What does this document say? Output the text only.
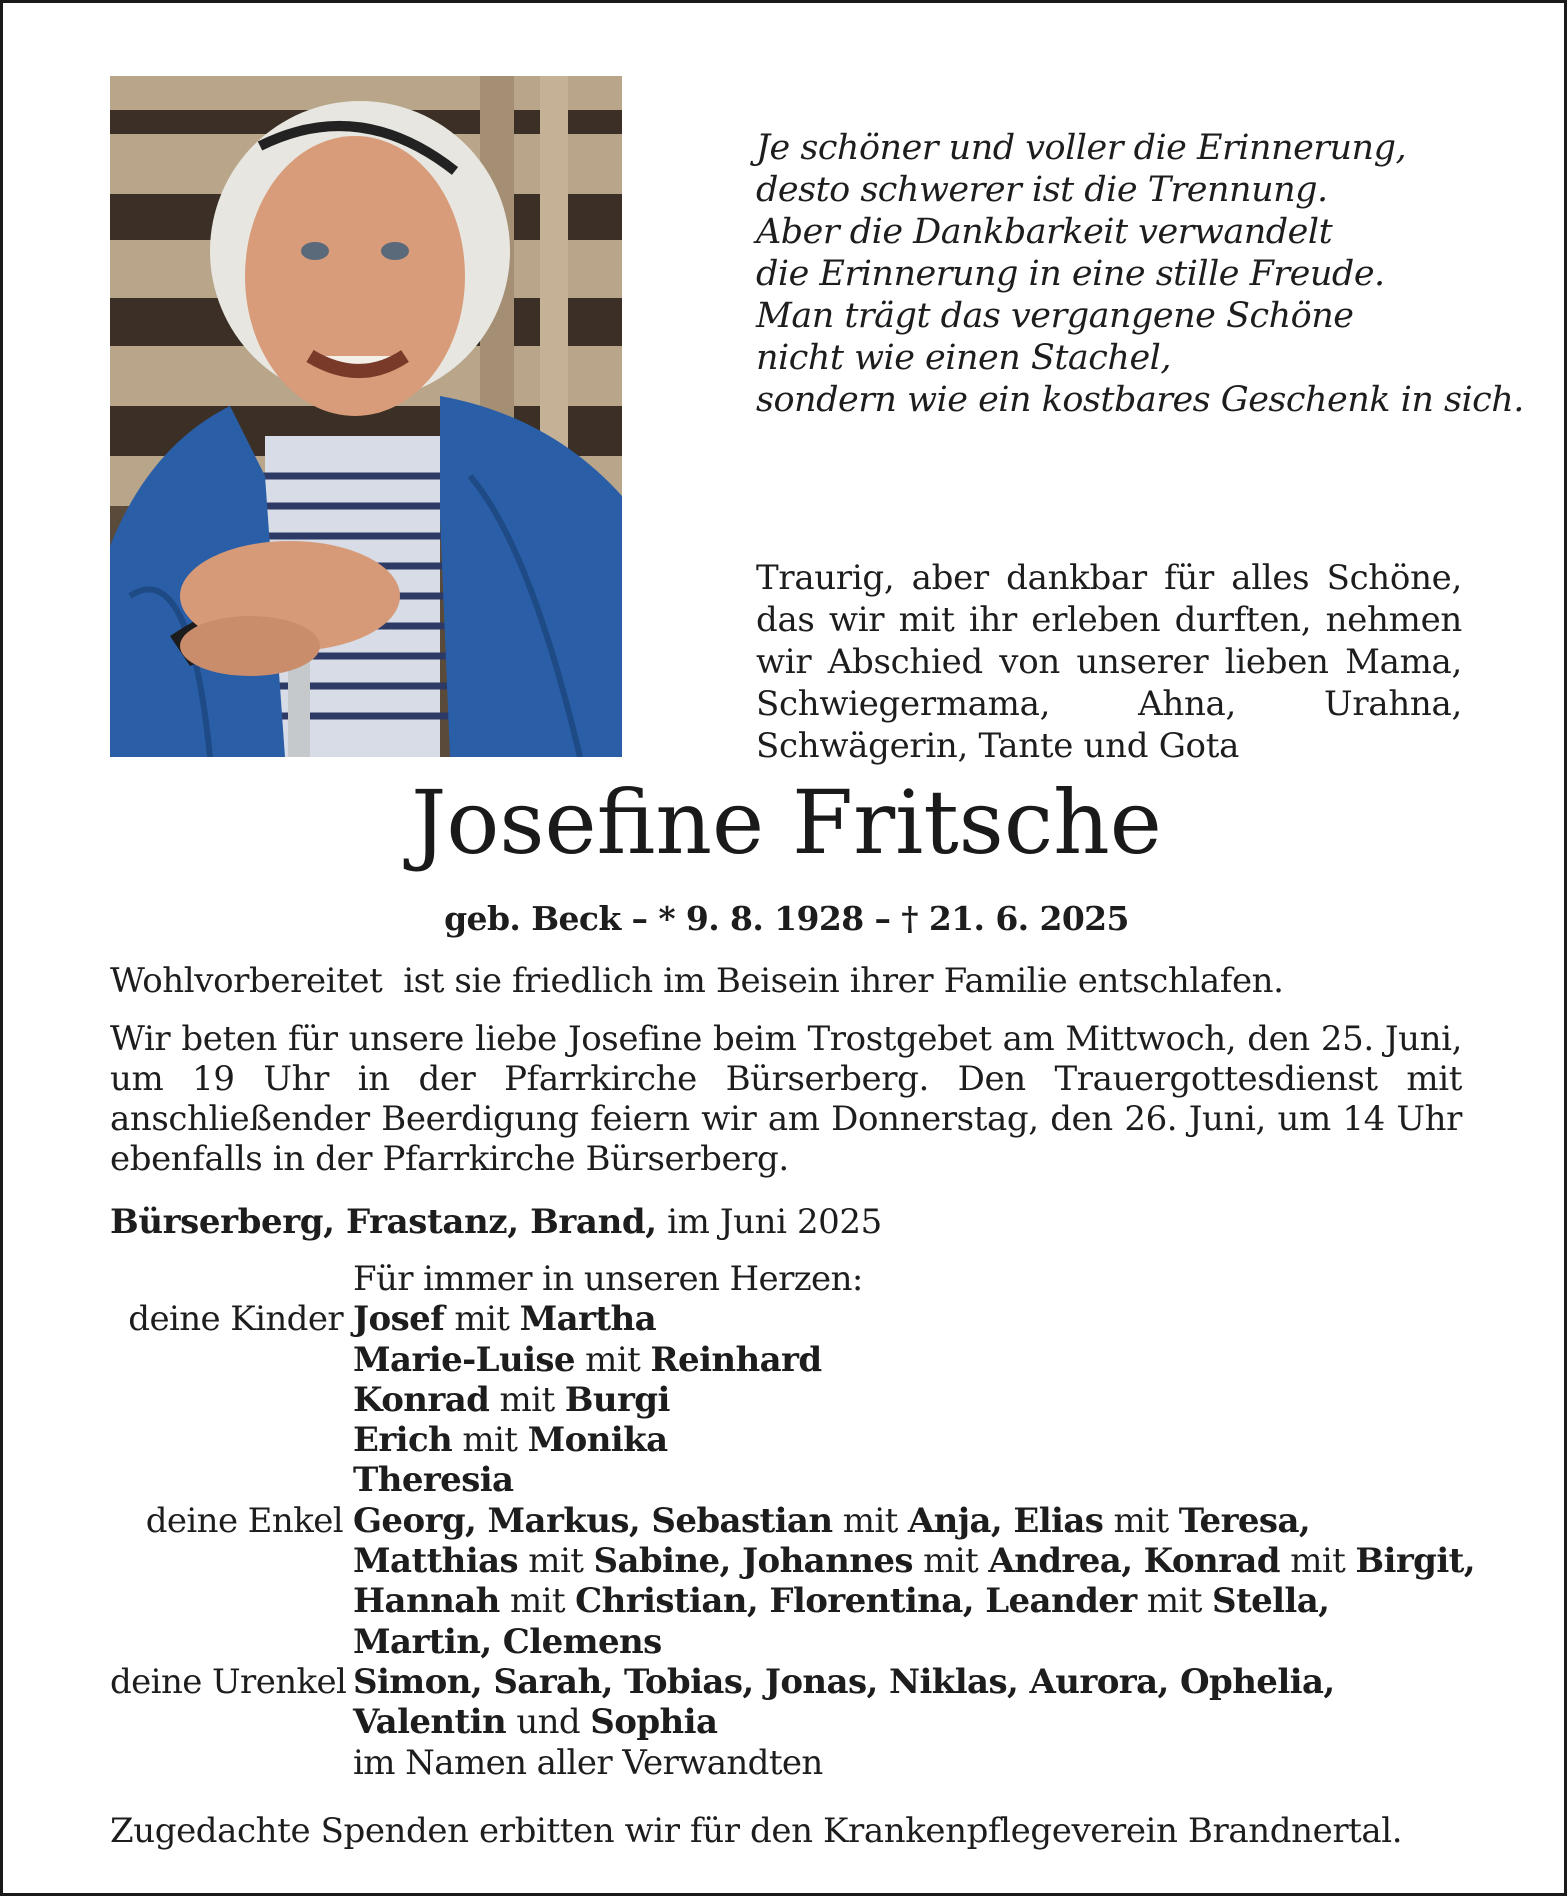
Je schöner und voller die Erinnerung,
desto schwerer ist die Trennung.
Aber die Dankbarkeit verwandelt
die Erinnerung in eine stille Freude.
Man trägt das vergangene Schöne
nicht wie einen Stachel,
sondern wie ein kostbares Geschenk in sich.

Traurig, aber dankbar für alles Schöne, das wir mit ihr erleben durften, nehmen wir Abschied von unserer lieben Mama, Schwiegermama, Ahna, Urahna, Schwägerin, Tante und Gota

Josefine Fritsche
geb. Beck – * 9. 8. 1928 – † 21. 6. 2025
Wohlvorbereitet  ist sie friedlich im Beisein ihrer Familie entschlafen.
Wir beten für unsere liebe Josefine beim Trostgebet am Mittwoch, den 25. Juni, um 19 Uhr in der Pfarrkirche Bürserberg. Den Trauergottesdienst mit anschließender Beerdigung feiern wir am Donnerstag, den 26. Juni, um 14 Uhr ebenfalls in der Pfarrkirche Bürserberg.
Bürserberg, Frastanz, Brand, im Juni 2025
Für immer in unseren Herzen:
deine Kinder Josef mit Martha
Marie-Luise mit Reinhard
Konrad mit Burgi
Erich mit Monika
Theresia
deine Enkel Georg, Markus, Sebastian mit Anja, Elias mit Teresa,
Matthias mit Sabine, Johannes mit Andrea, Konrad mit Birgit,
Hannah mit Christian, Florentina, Leander mit Stella,
Martin, Clemens
deine Urenkel Simon, Sarah, Tobias, Jonas, Niklas, Aurora, Ophelia,
Valentin und Sophia
im Namen aller Verwandten
Zugedachte Spenden erbitten wir für den Krankenpflegeverein Brandnertal.
